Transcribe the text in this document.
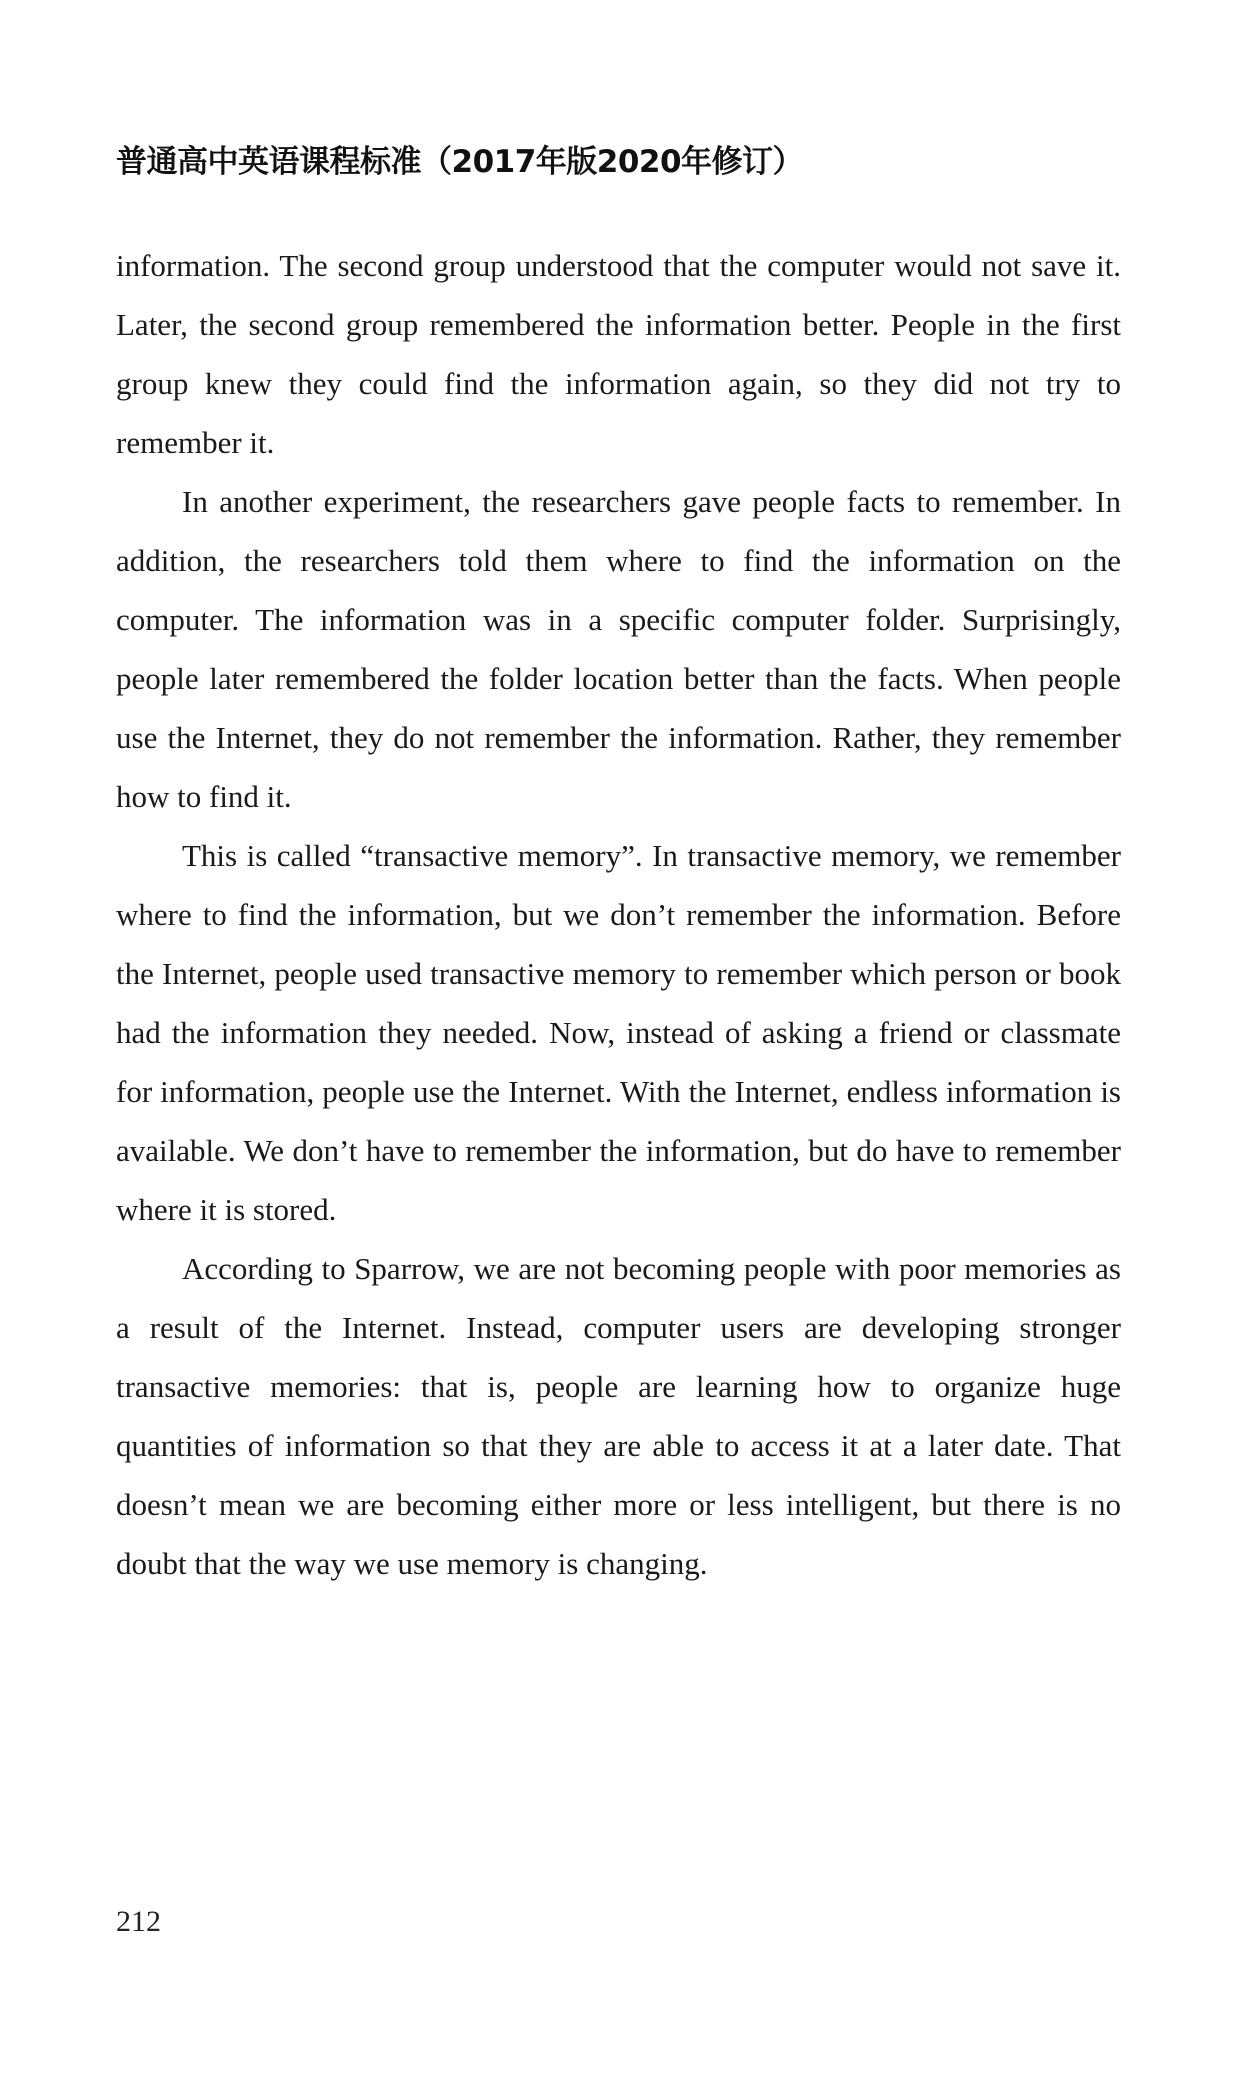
普通高中英语课程标准（2017年版2020年修订）

information. The second group understood that the computer would not save it. Later, the second group remembered the information better. People in the first group knew they could find the information again, so they did not try to remember it.

In another experiment, the researchers gave people facts to remember. In addition, the researchers told them where to find the information on the computer. The information was in a specific computer folder. Surprisingly, people later remembered the folder location better than the facts. When people use the Internet, they do not remember the information. Rather, they remember how to find it.

This is called “transactive memory”. In transactive memory, we remember where to find the information, but we don’t remember the information. Before the Internet, people used transactive memory to remember which person or book had the information they needed. Now, instead of asking a friend or classmate for information, people use the Internet. With the Internet, endless information is available. We don’t have to remember the information, but do have to remember where it is stored.

According to Sparrow, we are not becoming people with poor memories as a result of the Internet. Instead, computer users are developing stronger transactive memories: that is, people are learning how to organize huge quantities of information so that they are able to access it at a later date. That doesn’t mean we are becoming either more or less intelligent, but there is no doubt that the way we use memory is changing.

212
